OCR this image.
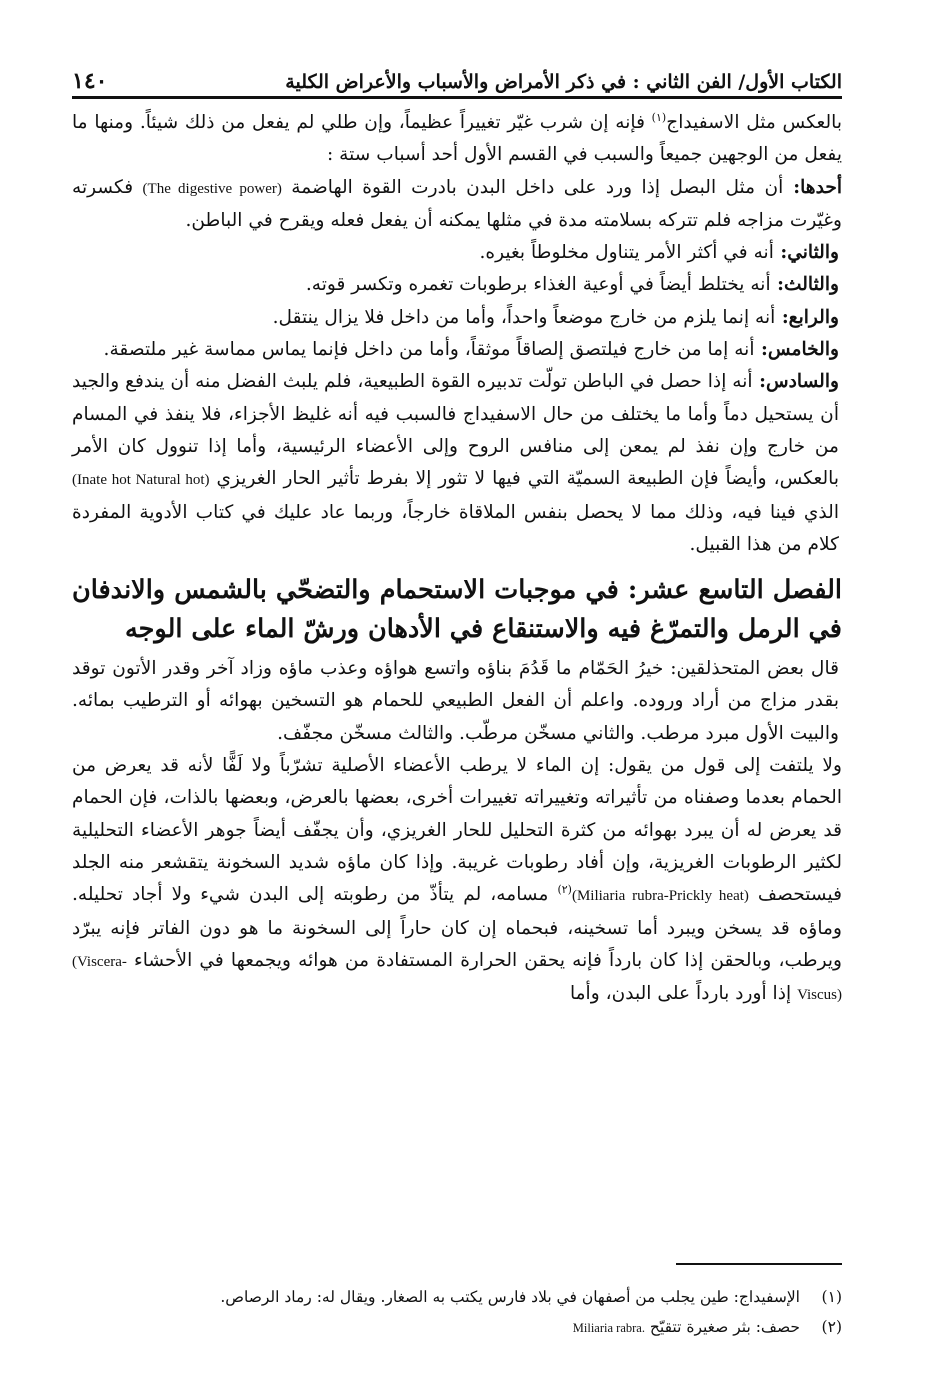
الكتاب الأول/ الفن الثاني : في ذكر الأمراض والأسباب والأعراض الكلية
١٤٠

بالعكس مثل الاسفيداج$^{(١)}$ فإنه إن شرب غيّر تغييراً عظيماً، وإن طلي لم يفعل من ذلك شيئاً. ومنها ما يفعل من الوجهين جميعاً والسبب في القسم الأول أحد أسباب ستة :

أحدها: أن مثل البصل إذا ورد على داخل البدن بادرت القوة الهاضمة (The digestive power) فكسرته وغيّرت مزاجه فلم تتركه بسلامته مدة في مثلها يمكنه أن يفعل فعله ويقرح في الباطن.

والثاني: أنه في أكثر الأمر يتناول مخلوطاً بغيره.

والثالث: أنه يختلط أيضاً في أوعية الغذاء برطوبات تغمره وتكسر قوته.

والرابع: أنه إنما يلزم من خارج موضعاً واحداً، وأما من داخل فلا يزال ينتقل.

والخامس: أنه إما من خارج فيلتصق إلصاقاً موثقاً، وأما من داخل فإنما يماس مماسة غير ملتصقة.

والسادس: أنه إذا حصل في الباطن تولّت تدبيره القوة الطبيعية، فلم يلبث الفضل منه أن يندفع والجيد أن يستحيل دماً وأما ما يختلف من حال الاسفيداج فالسبب فيه أنه غليظ الأجزاء، فلا ينفذ في المسام من خارج وإن نفذ لم يمعن إلى منافس الروح وإلى الأعضاء الرئيسية، وأما إذا تنوول كان الأمر بالعكس، وأيضاً فإن الطبيعة السميّة التي فيها لا تثور إلا بفرط تأثير الحار الغريزي (Inate hot Natural hot) الذي فينا فيه، وذلك مما لا يحصل بنفس الملاقاة خارجاً، وربما عاد عليك في كتاب الأدوية المفردة كلام من هذا القبيل.

الفصل التاسع عشر: في موجبات الاستحمام والتضحّي بالشمس والاندفان في الرمل والتمرّغ فيه والاستنقاع في الأدهان ورشّ الماء على الوجه

قال بعض المتحذلقين: خيرُ الحَمّام ما قَدُمَ بناؤه واتسع هواؤه وعذب ماؤه وزاد آخر وقدر الأتون توقد بقدر مزاج من أراد وروده. واعلم أن الفعل الطبيعي للحمام هو التسخين بهوائه أو الترطيب بمائه. والبيت الأول مبرد مرطب. والثاني مسخّن مرطّب. والثالث مسخّن مجفّف.

ولا يلتفت إلى قول من يقول: إن الماء لا يرطب الأعضاء الأصلية تشرّباً ولا لَفًّا لأنه قد يعرض من الحمام بعدما وصفناه من تأثيراته وتغييراته تغييرات أخرى، بعضها بالعرض، وبعضها بالذات، فإن الحمام قد يعرض له أن يبرد بهوائه من كثرة التحليل للحار الغريزي، وأن يجفّف أيضاً جوهر الأعضاء التحليلية لكثير الرطوبات الغريزية، وإن أفاد رطوبات غريبة. وإذا كان ماؤه شديد السخونة يتقشعر منه الجلد فيستحصف (Miliaria rubra-Prickly heat)$^{(٢)}$ مسامه، لم يتأذّ من رطوبته إلى البدن شيء ولا أجاد تحليله. وماؤه قد يسخن ويبرد أما تسخينه، فبحماه إن كان حاراً إلى السخونة ما هو دون الفاتر فإنه يبرّد ويرطب، وبالحقن إذا كان بارداً فإنه يحقن الحرارة المستفادة من هوائه ويجمعها في الأحشاء (Viscera-Viscus) إذا أورد بارداً على البدن، وأما

(١)الإسفيداج: طين يجلب من أصفهان في بلاد فارس يكتب به الصغار. ويقال له: رماد الرصاص.

(٢)حصف: بثر صغيرة تتقيّح Miliaria rabra.
